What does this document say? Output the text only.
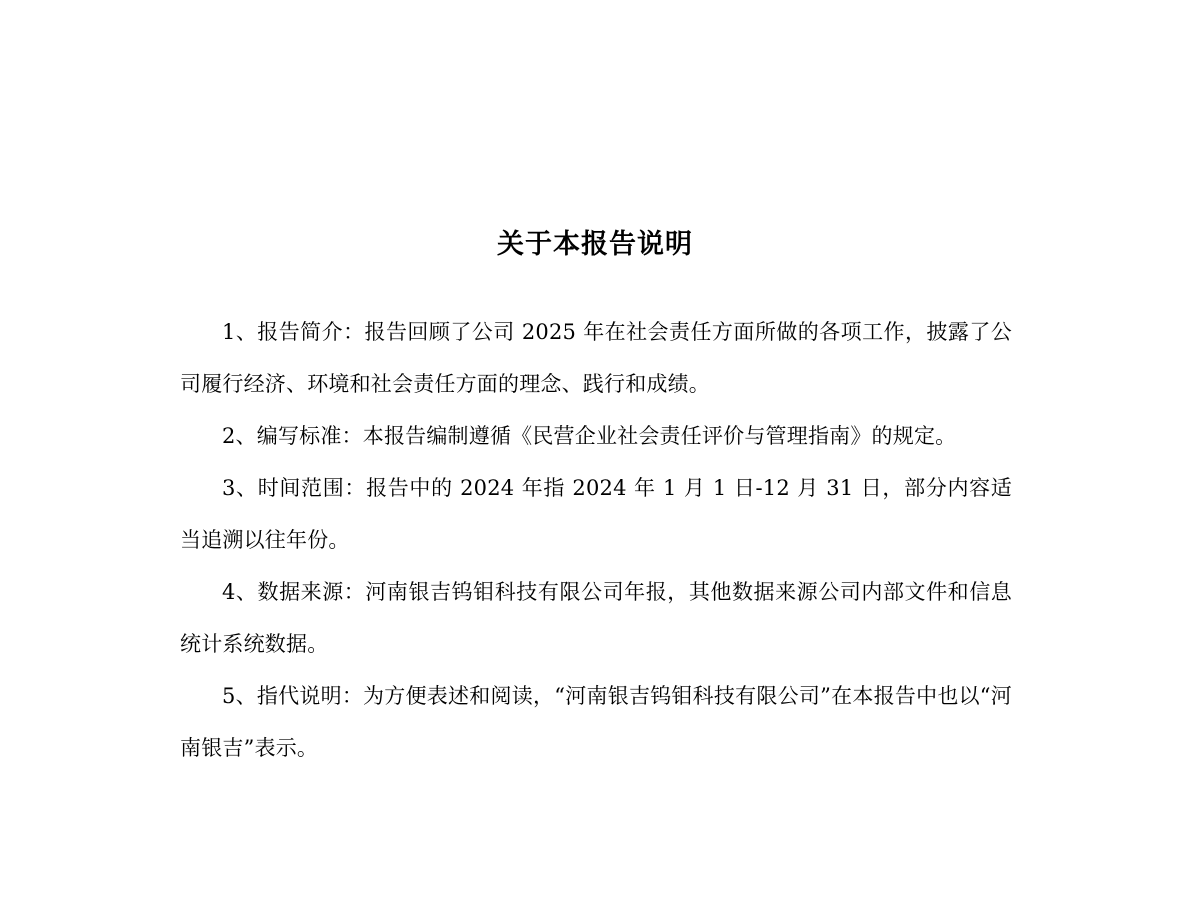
关于本报告说明

1、报告简介：报告回顾了公司 2025 年在社会责任方面所做的各项工作，披露了公司履行经济、环境和社会责任方面的理念、践行和成绩。

2、编写标准：本报告编制遵循《民营企业社会责任评价与管理指南》的规定。

3、时间范围：报告中的 2024 年指 2024 年 1 月 1 日-12 月 31 日，部分内容适当追溯以往年份。

4、数据来源：河南银吉钨钼科技有限公司年报，其他数据来源公司内部文件和信息统计系统数据。

5、指代说明：为方便表述和阅读，“河南银吉钨钼科技有限公司”在本报告中也以“河南银吉”表示。
